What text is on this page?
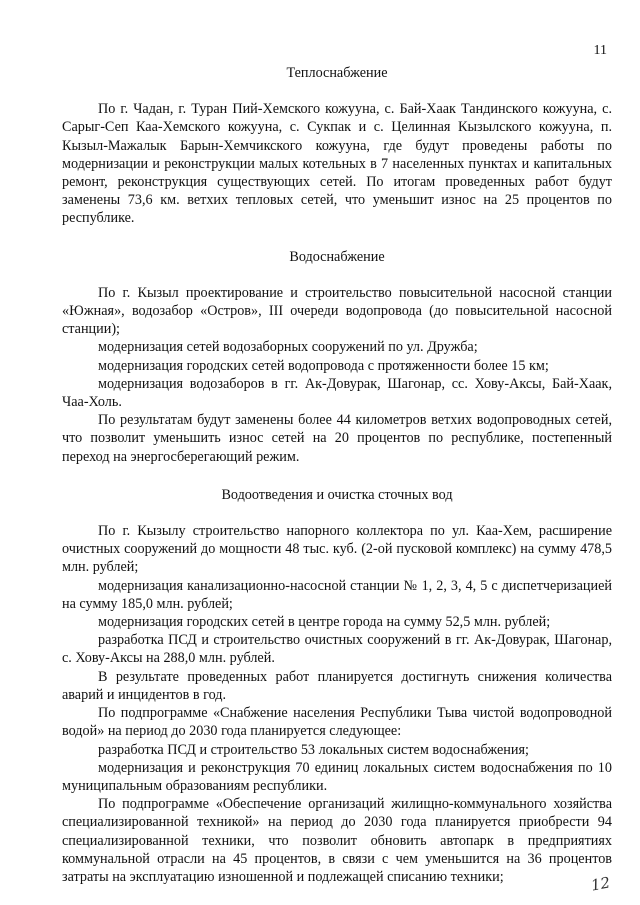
11
Теплоснабжение

По г. Чадан, г. Туран Пий-Хемского кожууна, с. Бай-Хаак Тандинского кожууна, с. Сарыг-Сеп Каа-Хемского кожууна, с. Сукпак и с. Целинная Кызылского кожууна, п. Кызыл-Мажалык Барын-Хемчикского кожууна, где будут проведены работы по модернизации и реконструкции малых котельных в 7 населенных пунктах и капитальных ремонт, реконструкция существующих сетей. По итогам проведенных работ будут заменены 73,6 км. ветхих тепловых сетей, что уменьшит износ на 25 процентов по республике.

Водоснабжение

По г. Кызыл проектирование и строительство повысительной насосной станции «Южная», водозабор «Остров», III очереди водопровода (до повысительной насосной станции);

модернизация сетей водозаборных сооружений по ул. Дружба;

модернизация городских сетей водопровода с протяженности более 15 км;

модернизация водозаборов в гг. Ак-Довурак, Шагонар, сс. Хову-Аксы, Бай-Хаак, Чаа-Холь.

По результатам будут заменены более 44 километров ветхих водопроводных сетей, что позволит уменьшить износ сетей на 20 процентов по республике, постепенный переход на энергосберегающий режим.

Водоотведения и очистка сточных вод

По г. Кызылу строительство напорного коллектора по ул. Каа-Хем, расширение очистных сооружений до мощности 48 тыс. куб. (2-ой пусковой комплекс) на сумму 478,5 млн. рублей;

модернизация канализационно-насосной станции № 1, 2, 3, 4, 5 с диспетчеризацией на сумму 185,0 млн. рублей;

модернизация городских сетей в центре города на сумму 52,5 млн. рублей;

разработка ПСД и строительство очистных сооружений в гг. Ак-Довурак, Шагонар, с. Хову-Аксы на 288,0 млн. рублей.

В результате проведенных работ планируется достигнуть снижения количества аварий и инцидентов в год.

По подпрограмме «Снабжение населения Республики Тыва чистой водопроводной водой» на период до 2030 года планируется следующее:

разработка ПСД и строительство 53 локальных систем водоснабжения;

модернизация и реконструкция 70 единиц локальных систем водоснабжения по 10 муниципальным образованиям республики.

По подпрограмме «Обеспечение организаций жилищно-коммунального хозяйства специализированной техникой» на период до 2030 года планируется приобрести 94 специализированной техники, что позволит обновить автопарк в предприятиях коммунальной отрасли на 45 процентов, в связи с чем уменьшится на 36 процентов затраты на эксплуатацию изношенной и подлежащей списанию техники;	12
